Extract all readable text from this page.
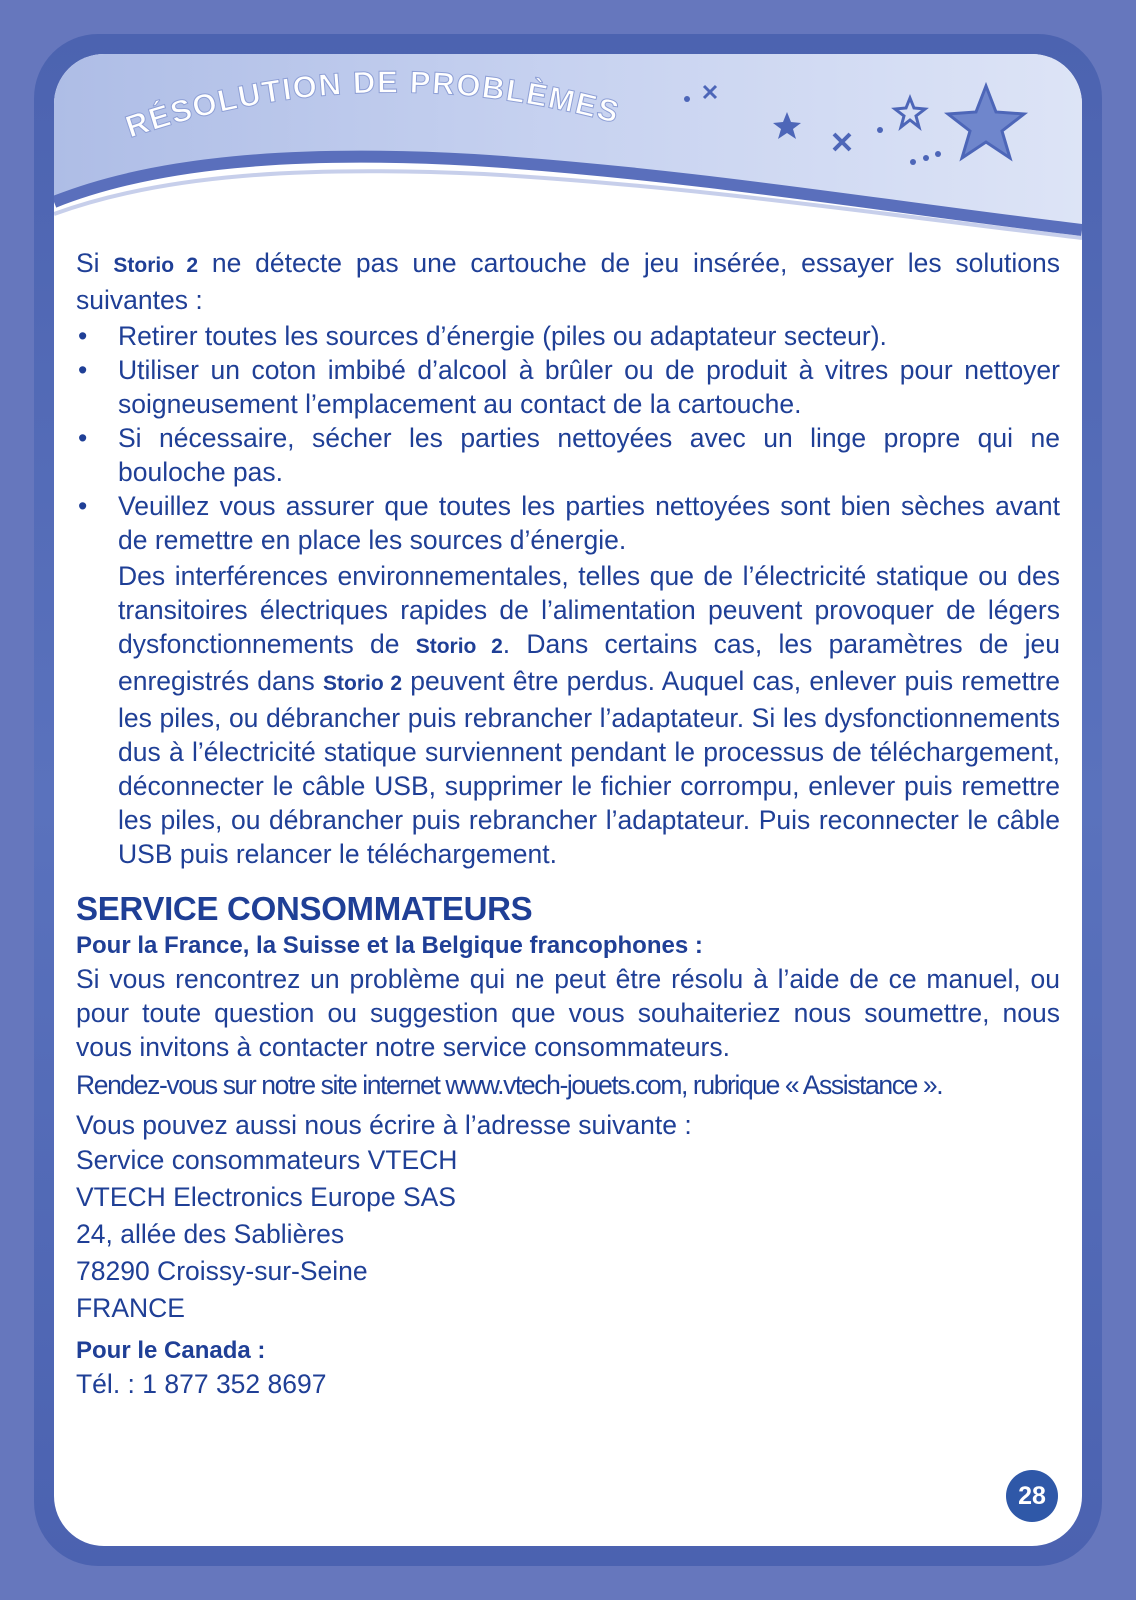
RÉSOLUTION DE PROBLÈMES

Si Storio 2 ne détecte pas une cartouche de jeu insérée, essayer les solutions suivantes :

• Retirer toutes les sources d’énergie (piles ou adaptateur secteur).
• Utiliser un coton imbibé d’alcool à brûler ou de produit à vitres pour nettoyer soigneusement l’emplacement au contact de la cartouche.
• Si nécessaire, sécher les parties nettoyées avec un linge propre qui ne bouloche pas.
• Veuillez vous assurer que toutes les parties nettoyées sont bien sèches avant de remettre en place les sources d’énergie.

Des interférences environnementales, telles que de l’électricité statique ou des transitoires électriques rapides de l’alimentation peuvent provoquer de légers dysfonctionnements de Storio 2. Dans certains cas, les paramètres de jeu enregistrés dans Storio 2 peuvent être perdus. Auquel cas, enlever puis remettre les piles, ou débrancher puis rebrancher l’adaptateur. Si les dysfonctionnements dus à l’électricité statique surviennent pendant le processus de téléchargement, déconnecter le câble USB, supprimer le fichier corrompu, enlever puis remettre les piles, ou débrancher puis rebrancher l’adaptateur. Puis reconnecter le câble USB puis relancer le téléchargement.

SERVICE CONSOMMATEURS
Pour la France, la Suisse et la Belgique francophones :
Si vous rencontrez un problème qui ne peut être résolu à l’aide de ce manuel, ou pour toute question ou suggestion que vous souhaiteriez nous soumettre, nous vous invitons à contacter notre service consommateurs.
Rendez-vous sur notre site internet www.vtech-jouets.com, rubrique « Assistance ».
Vous pouvez aussi nous écrire à l’adresse suivante :
Service consommateurs VTECH
VTECH Electronics Europe SAS
24, allée des Sablières
78290 Croissy-sur-Seine
FRANCE
Pour le Canada :
Tél. : 1 877 352 8697
28
